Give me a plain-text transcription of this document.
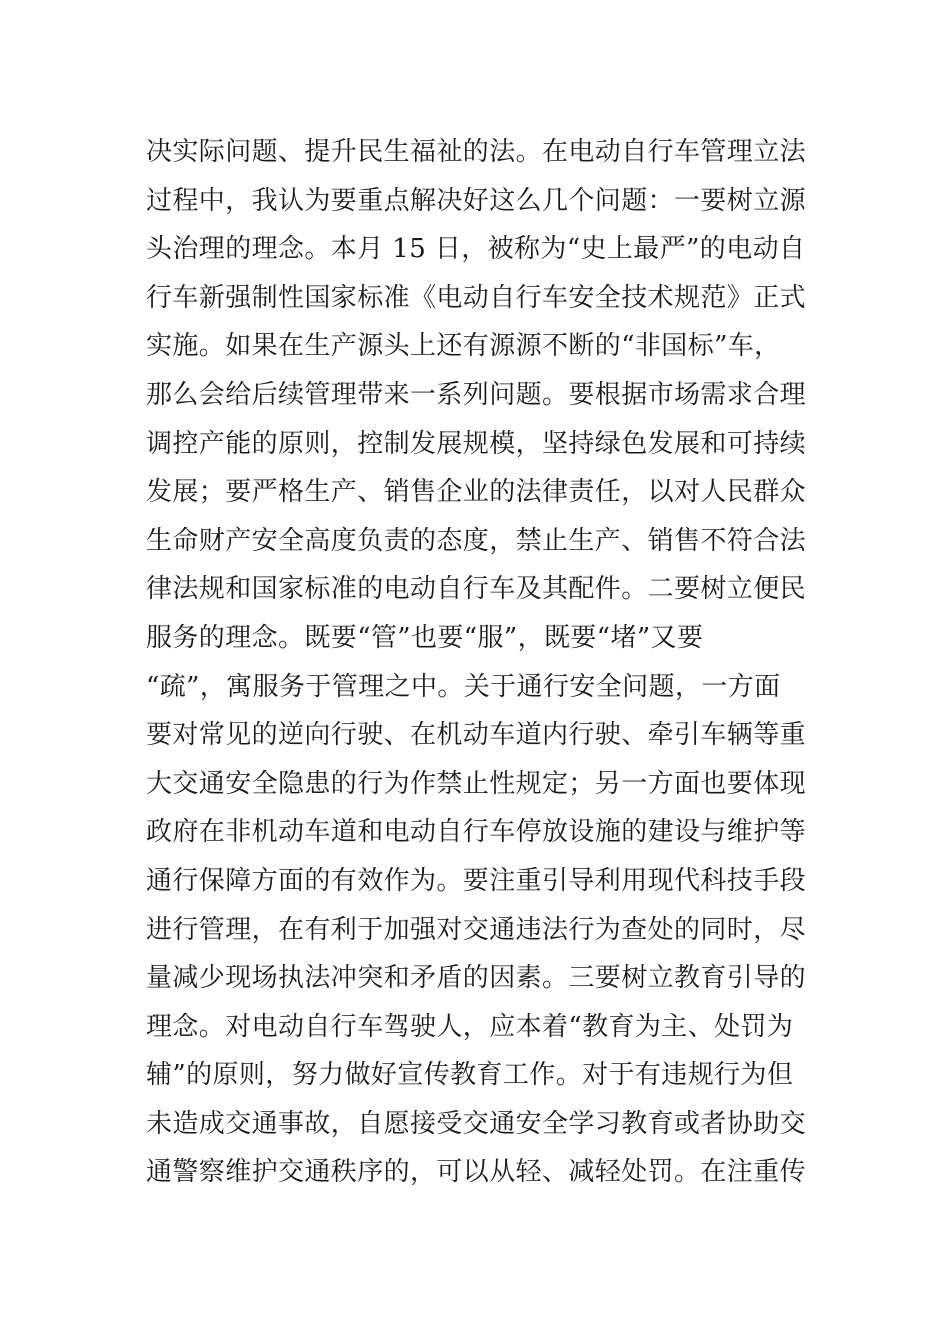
决实际问题、提升民生福祉的法。在电动自行车管理立法
过程中，我认为要重点解决好这么几个问题：一要树立源
头治理的理念。本月 15 日，被称为“史上最严”的电动自
行车新强制性国家标准《电动自行车安全技术规范》正式
实施。如果在生产源头上还有源源不断的“非国标”车，
那么会给后续管理带来一系列问题。要根据市场需求合理
调控产能的原则，控制发展规模，坚持绿色发展和可持续
发展；要严格生产、销售企业的法律责任，以对人民群众
生命财产安全高度负责的态度，禁止生产、销售不符合法
律法规和国家标准的电动自行车及其配件。二要树立便民
服务的理念。既要“管”也要“服”，既要“堵”又要
“疏”，寓服务于管理之中。关于通行安全问题，一方面
要对常见的逆向行驶、在机动车道内行驶、牵引车辆等重
大交通安全隐患的行为作禁止性规定；另一方面也要体现
政府在非机动车道和电动自行车停放设施的建设与维护等
通行保障方面的有效作为。要注重引导利用现代科技手段
进行管理，在有利于加强对交通违法行为查处的同时，尽
量减少现场执法冲突和矛盾的因素。三要树立教育引导的
理念。对电动自行车驾驶人，应本着“教育为主、处罚为
辅”的原则，努力做好宣传教育工作。对于有违规行为但
未造成交通事故，自愿接受交通安全学习教育或者协助交
通警察维护交通秩序的，可以从轻、减轻处罚。在注重传
